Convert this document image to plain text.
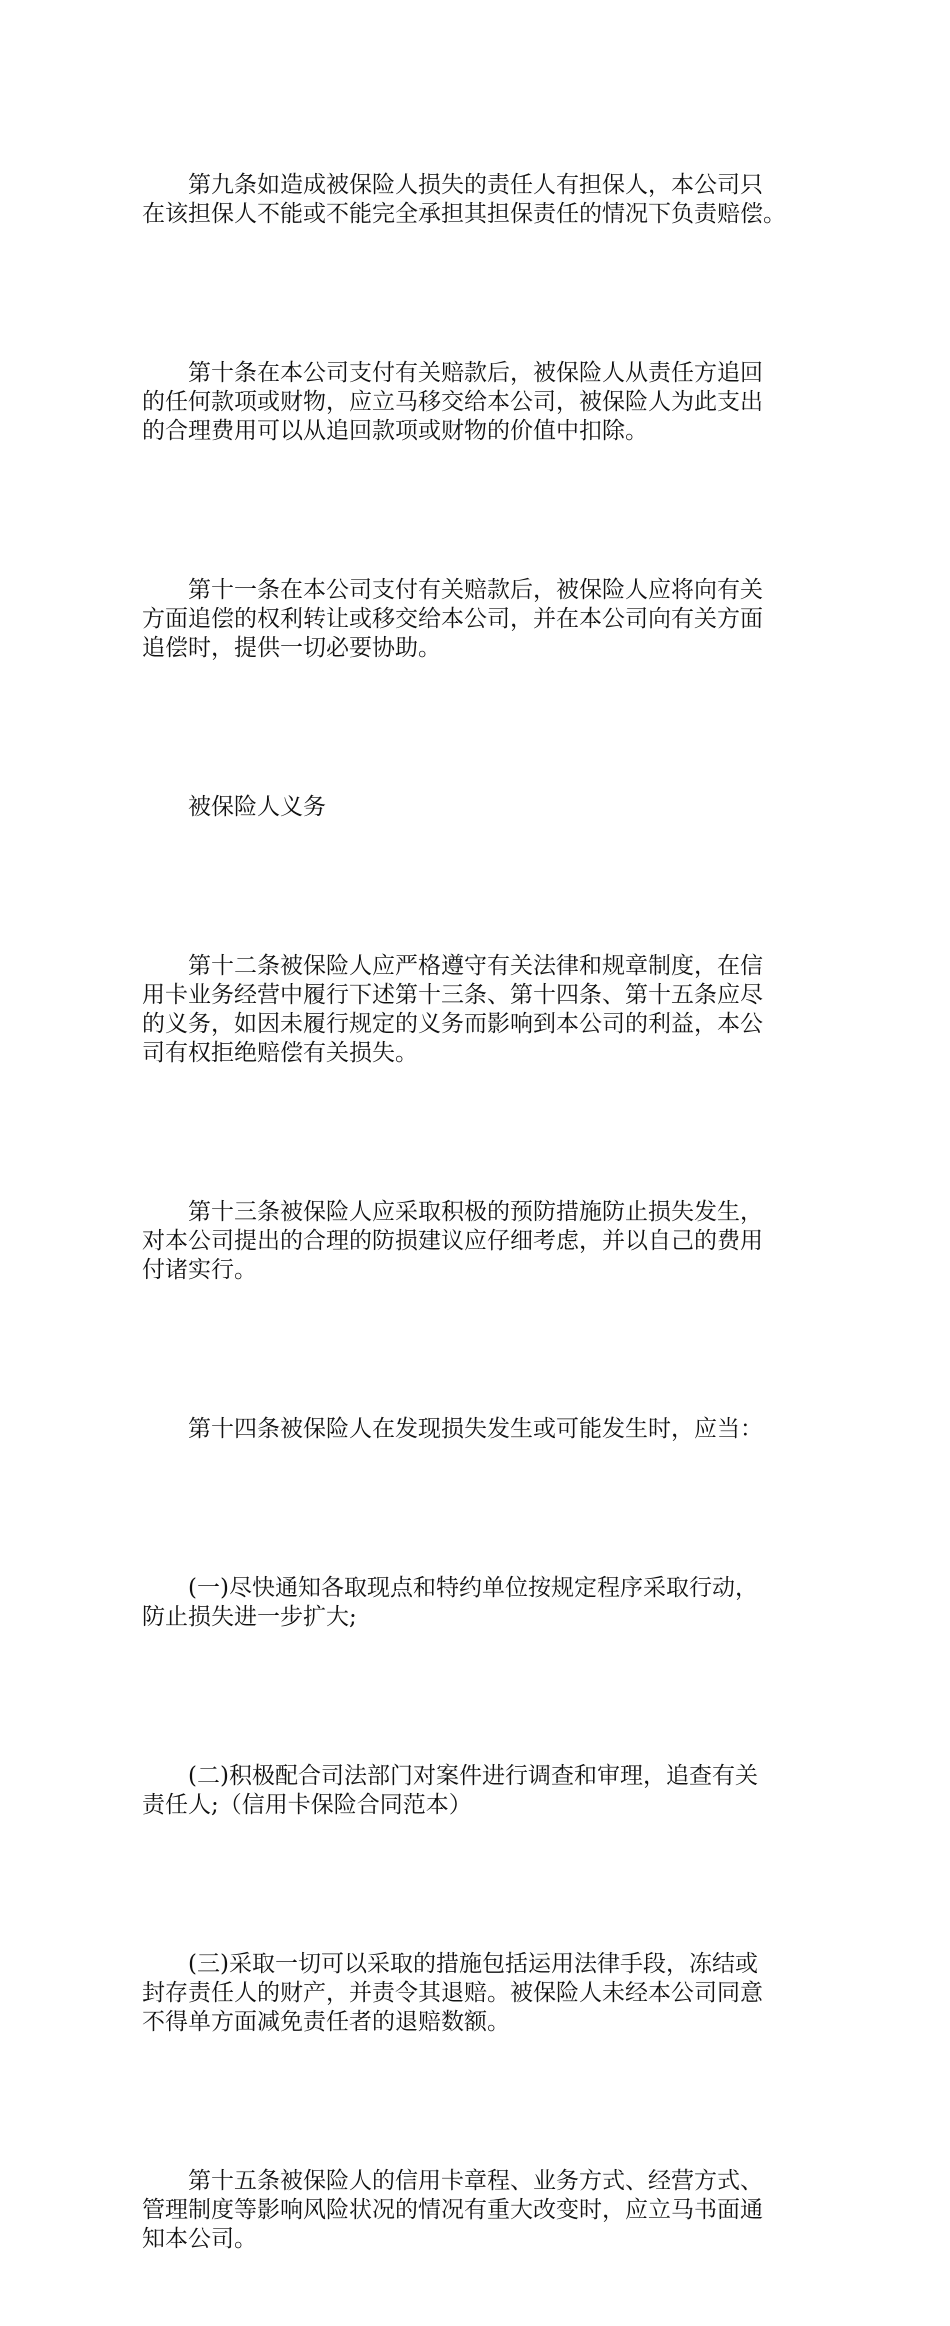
第九条如造成被保险人损失的责任人有担保人，本公司只
在该担保人不能或不能完全承担其担保责任的情况下负责赔偿。

第十条在本公司支付有关赔款后，被保险人从责任方追回
的任何款项或财物，应立马移交给本公司，被保险人为此支出
的合理费用可以从追回款项或财物的价值中扣除。

第十一条在本公司支付有关赔款后，被保险人应将向有关
方面追偿的权利转让或移交给本公司，并在本公司向有关方面
追偿时，提供一切必要协助。

被保险人义务

第十二条被保险人应严格遵守有关法律和规章制度，在信
用卡业务经营中履行下述第十三条、第十四条、第十五条应尽
的义务，如因未履行规定的义务而影响到本公司的利益，本公
司有权拒绝赔偿有关损失。

第十三条被保险人应采取积极的预防措施防止损失发生，
对本公司提出的合理的防损建议应仔细考虑，并以自己的费用
付诸实行。

第十四条被保险人在发现损失发生或可能发生时，应当：

(一)尽快通知各取现点和特约单位按规定程序采取行动，
防止损失进一步扩大;

(二)积极配合司法部门对案件进行调查和审理，追查有关
责任人;（信用卡保险合同范本）

(三)采取一切可以采取的措施包括运用法律手段，冻结或
封存责任人的财产，并责令其退赔。被保险人未经本公司同意
不得单方面减免责任者的退赔数额。

第十五条被保险人的信用卡章程、业务方式、经营方式、
管理制度等影响风险状况的情况有重大改变时，应立马书面通
知本公司。
